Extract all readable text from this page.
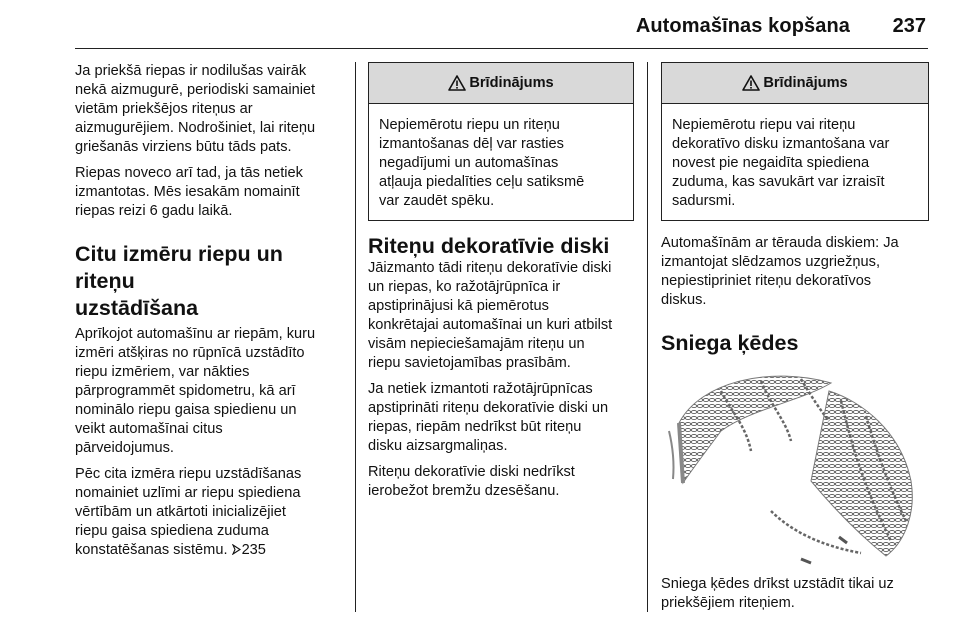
Automašīnas kopšana 237

Ja priekšā riepas ir nodilušas vairāk
nekā aizmugurē, periodiski samainiet
vietām priekšējos riteņus ar
aizmugurējiem. Nodrošiniet, lai riteņu
griešanās virziens būtu tāds pats.

Riepas noveco arī tad, ja tās netiek
izmantotas. Mēs iesakām nomainīt
riepas reizi 6 gadu laikā.

Citu izmēru riepu un riteņu
uzstādīšana

Aprīkojot automašīnu ar riepām, kuru
izmēri atšķiras no rūpnīcā uzstādīto
riepu izmēriem, var nākties
pārprogrammēt spidometru, kā arī
nominālo riepu gaisa spiedienu un
veikt automašīnai citus
pārveidojumus.

Pēc cita izmēra riepu uzstādīšanas
nomainiet uzlīmi ar riepu spiediena
vērtībām un atkārtoti inicializējiet
riepu gaisa spiediena zuduma
konstatēšanas sistēmu. 235

Brīdinājums
Nepiemērotu riepu un riteņu
izmantošanas dēļ var rasties
negadījumi un automašīnas
atļauja piedalīties ceļu satiksmē
var zaudēt spēku.
Riteņu dekoratīvie diski

Jāizmanto tādi riteņu dekoratīvie diski
un riepas, ko ražotājrūpnīca ir
apstiprinājusi kā piemērotus
konkrētajai automašīnai un kuri atbilst
visām nepieciešamajām riteņu un
riepu savietojamības prasībām.

Ja netiek izmantoti ražotājrūpnīcas
apstiprināti riteņu dekoratīvie diski un
riepas, riepām nedrīkst būt riteņu
disku aizsargmaliņas.

Riteņu dekoratīvie diski nedrīkst
ierobežot bremžu dzesēšanu.

Brīdinājums
Nepiemērotu riepu vai riteņu
dekoratīvo disku izmantošana var
novest pie negaidīta spiediena
zuduma, kas savukārt var izraisīt
sadursmi.

Automašīnām ar tērauda diskiem: Ja
izmantojat slēdzamos uzgriežņus,
nepiestipriniet riteņu dekoratīvos
diskus.

Sniega ķēdes

Sniega ķēdes drīkst uzstādīt tikai uz
priekšējiem riteņiem.
